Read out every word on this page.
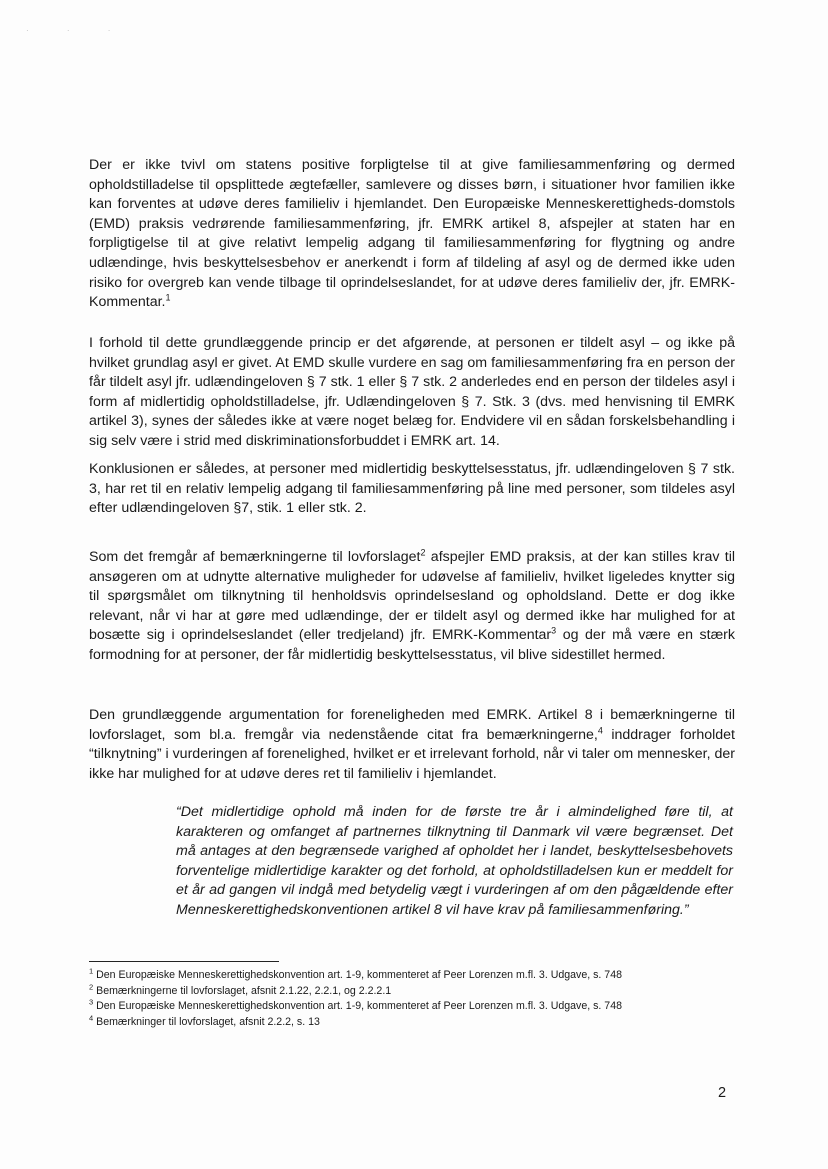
· · ·

Der er ikke tvivl om statens positive forpligtelse til at give familiesammenføring og dermed opholdstilladelse til opsplittede ægtefæller, samlevere og disses børn, i situationer hvor familien ikke kan forventes at udøve deres familieliv i hjemlandet. Den Europæiske Menneskerettigheds-domstols (EMD) praksis vedrørende familiesammenføring, jfr. EMRK artikel 8, afspejler at staten har en forpligtigelse til at give relativt lempelig adgang til familiesammenføring for flygtning og andre udlændinge, hvis beskyttelsesbehov er anerkendt i form af tildeling af asyl og de dermed ikke uden risiko for overgreb kan vende tilbage til oprindelseslandet, for at udøve deres familieliv der, jfr. EMRK-Kommentar.$^1$

I forhold til dette grundlæggende princip er det afgørende, at personen er tildelt asyl – og ikke på hvilket grundlag asyl er givet. At EMD skulle vurdere en sag om familiesammenføring fra en person der får tildelt asyl jfr. udlændingeloven § 7 stk. 1 eller § 7 stk. 2 anderledes end en person der tildeles asyl i form af midlertidig opholdstilladelse, jfr. Udlændingeloven § 7. Stk. 3 (dvs. med henvisning til EMRK artikel 3), synes der således ikke at være noget belæg for. Endvidere vil en sådan forskelsbehandling i sig selv være i strid med diskriminationsforbuddet i EMRK art. 14.

Konklusionen er således, at personer med midlertidig beskyttelsesstatus, jfr. udlændingeloven § 7 stk. 3, har ret til en relativ lempelig adgang til familiesammenføring på line med personer, som tildeles asyl efter udlændingeloven §7, stik. 1 eller stk. 2.

Som det fremgår af bemærkningerne til lovforslaget$^2$ afspejler EMD praksis, at der kan stilles krav til ansøgeren om at udnytte alternative muligheder for udøvelse af familieliv, hvilket ligeledes knytter sig til spørgsmålet om tilknytning til henholdsvis oprindelsesland og opholdsland. Dette er dog ikke relevant, når vi har at gøre med udlændinge, der er tildelt asyl og dermed ikke har mulighed for at bosætte sig i oprindelseslandet (eller tredjeland) jfr. EMRK-Kommentar$^3$ og der må være en stærk formodning for at personer, der får midlertidig beskyttelsesstatus, vil blive sidestillet hermed.

Den grundlæggende argumentation for foreneligheden med EMRK. Artikel 8 i bemærkningerne til lovforslaget, som bl.a. fremgår via nedenstående citat fra bemærkningerne,$^4$ inddrager forholdet “tilknytning” i vurderingen af forenelighed, hvilket er et irrelevant forhold, når vi taler om mennesker, der ikke har mulighed for at udøve deres ret til familieliv i hjemlandet.

“Det midlertidige ophold må inden for de første tre år i almindelighed føre til, at karakteren og omfanget af partnernes tilknytning til Danmark vil være begrænset. Det må antages at den begrænsede varighed af opholdet her i landet, beskyttelsesbehovets forventelige midlertidige karakter og det forhold, at opholdstilladelsen kun er meddelt for et år ad gangen vil indgå med betydelig vægt i vurderingen af om den pågældende efter Menneskerettighedskonventionen artikel 8 vil have krav på familiesammenføring.”

$^1$ Den Europæiske Menneskerettighedskonvention art. 1-9, kommenteret af Peer Lorenzen m.fl. 3. Udgave, s. 748

$^2$ Bemærkningerne til lovforslaget, afsnit 2.1.22, 2.2.1, og 2.2.2.1

$^3$ Den Europæiske Menneskerettighedskonvention art. 1-9, kommenteret af Peer Lorenzen m.fl. 3. Udgave, s. 748

$^4$ Bemærkninger til lovforslaget, afsnit 2.2.2, s. 13

2
